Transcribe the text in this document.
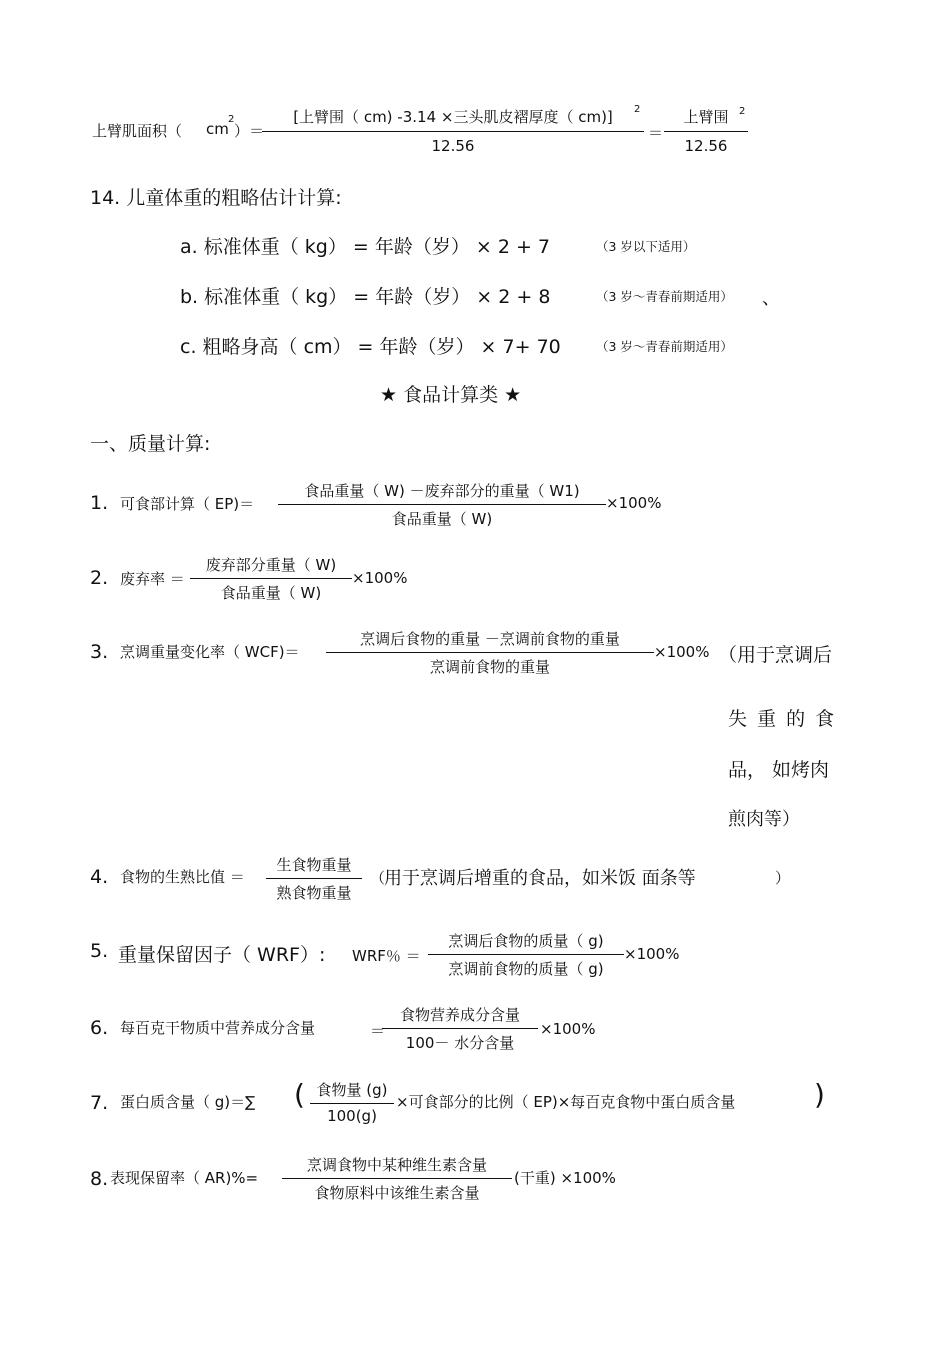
上臂肌面积（ cm
2
）＝
[上臂围（ cm) -3.14 ×三头肌皮褶厚度（ cm)]
12.56
2
＝
上臂围
12.56
2
14. 儿童体重的粗略估计计算:
a. 标准体重（ kg） = 年龄（岁） × 2 + 7	（3 岁以下适用）
b. 标准体重（ kg） = 年龄（岁） × 2 + 8	（3 岁～青春前期适用） 、
c. 粗略身高（ cm） = 年龄（岁） × 7+ 70	（3 岁～青春前期适用）
★ 食品计算类 ★
一、质量计算:
1. 可食部计算（ EP)＝
食品重量（ W) －废弃部分的重量（ W1)
食品重量（ W)
×100%
2. 废弃率 ＝
废弃部分重量（ W)
食品重量（ W)
×100%
3. 烹调重量变化率（ WCF)＝
烹调后食物的重量 －烹调前食物的重量
烹调前食物的重量
×100% （用于烹调后
失 重 的 食
品， 如烤肉
煎肉等）
4. 食物的生熟比值 ＝
生食物重量
熟食物重量
（
用于烹调后增重的食品，如米饭 面条等	）
5. 重量保留因子（ WRF）: WRF％ ＝
烹调后食物的质量（ g)
烹调前食物的质量（ g)
×100%
6. 每百克干物质中营养成分含量	＝
食物营养成分含量
100－ 水分含量
×100%
7. 蛋白质含量（ g)＝∑ ( 食物量 (g)
100(g)
×可食部分的比例（ EP)×每百克食物中蛋白质含量	)
8. 表现保留率（ AR)%=
烹调食物中某种维生素含量
食物原料中该维生素含量
(干重) ×100%
